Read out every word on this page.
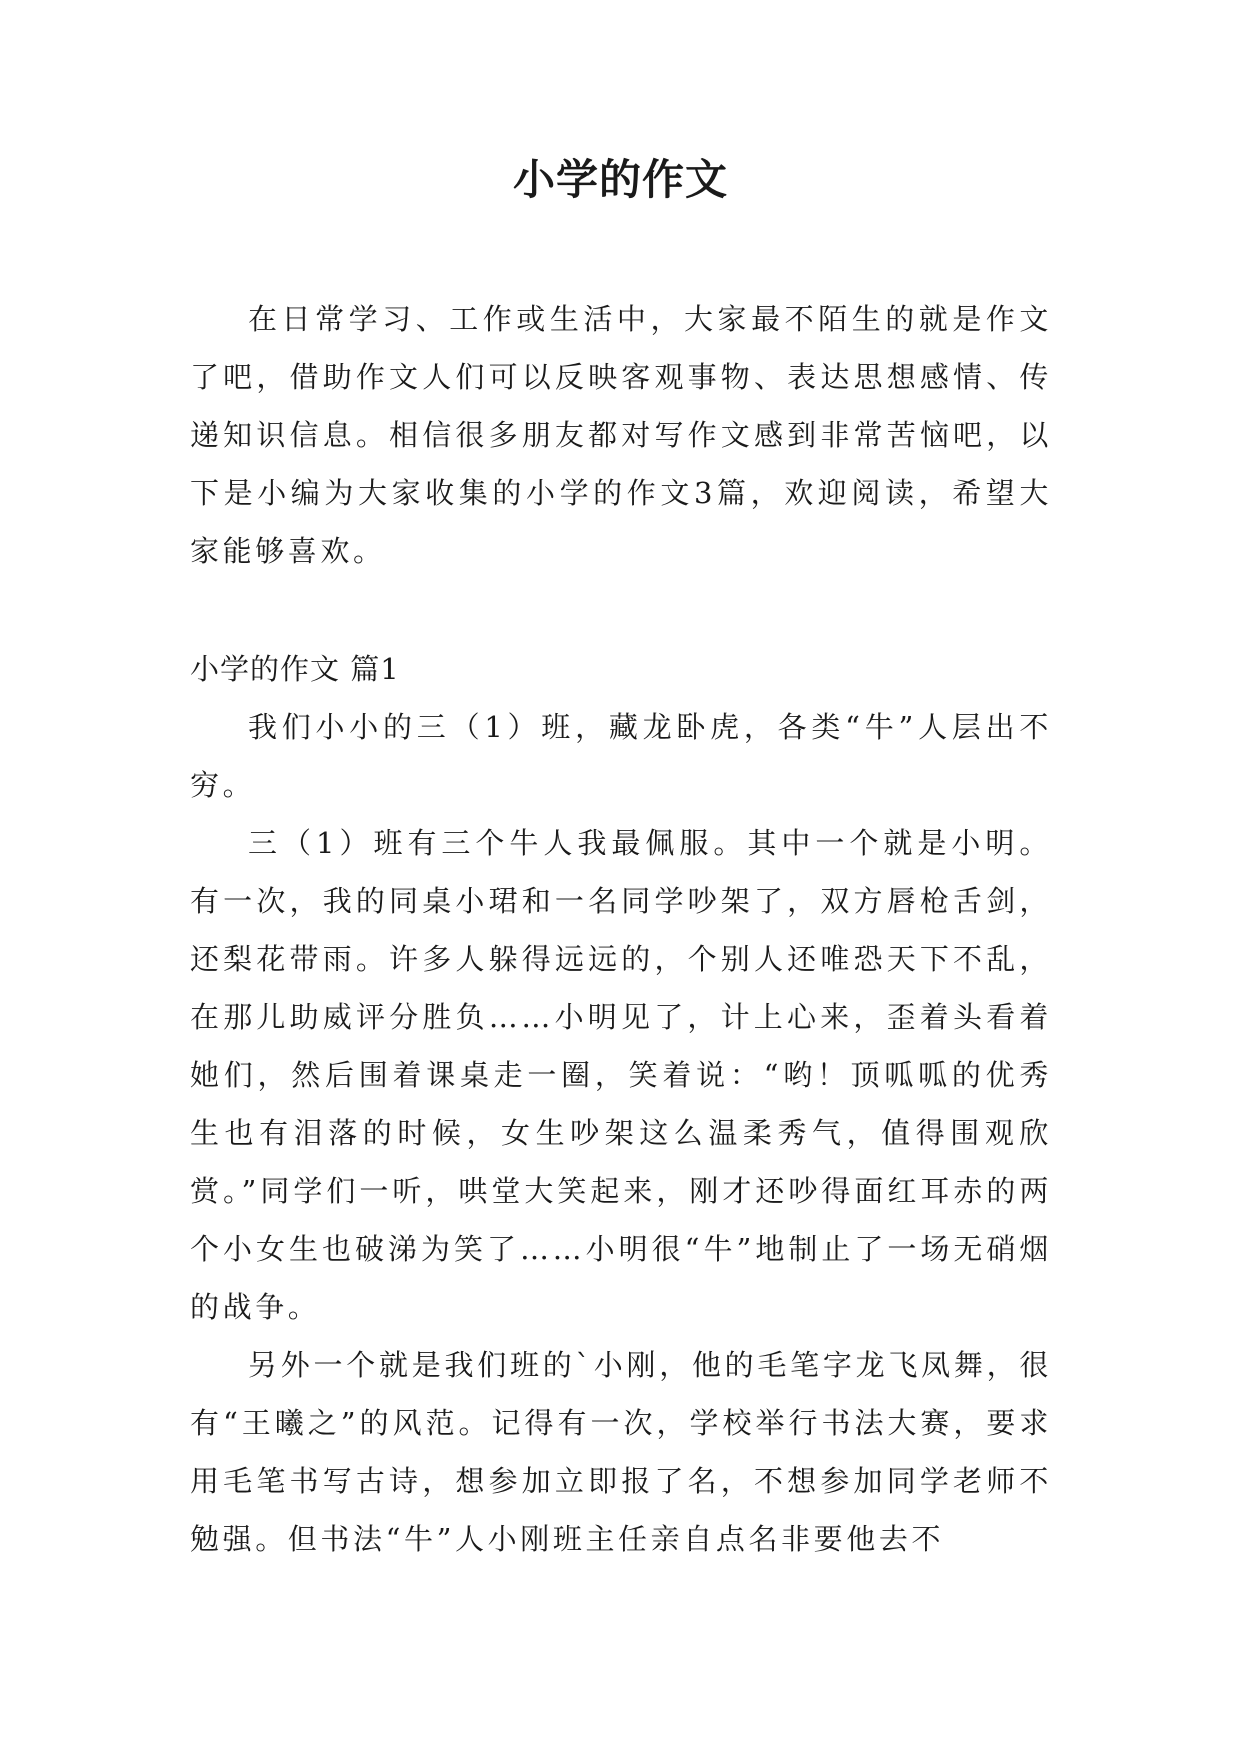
小学的作文

在日常学习、工作或生活中，大家最不陌生的就是作文了吧，借助作文人们可以反映客观事物、表达思想感情、传递知识信息。相信很多朋友都对写作文感到非常苦恼吧，以下是小编为大家收集的小学的作文3篇，欢迎阅读，希望大家能够喜欢。

小学的作文 篇1

我们小小的三（1）班，藏龙卧虎，各类“牛”人层出不穷。

三（1）班有三个牛人我最佩服。其中一个就是小明。有一次，我的同桌小珺和一名同学吵架了，双方唇枪舌剑，还梨花带雨。许多人躲得远远的，个别人还唯恐天下不乱，在那儿助威评分胜负……小明见了，计上心来，歪着头看着她们，然后围着课桌走一圈，笑着说：“哟！顶呱呱的优秀生也有泪落的时候，女生吵架这么温柔秀气，值得围观欣赏。”同学们一听，哄堂大笑起来，刚才还吵得面红耳赤的两个小女生也破涕为笑了……小明很“牛”地制止了一场无硝烟的战争。

另外一个就是我们班的`小刚，他的毛笔字龙飞凤舞，很有“王曦之”的风范。记得有一次，学校举行书法大赛，要求用毛笔书写古诗，想参加立即报了名，不想参加同学老师不勉强。但书法“牛”人小刚班主任亲自点名非要他去不
